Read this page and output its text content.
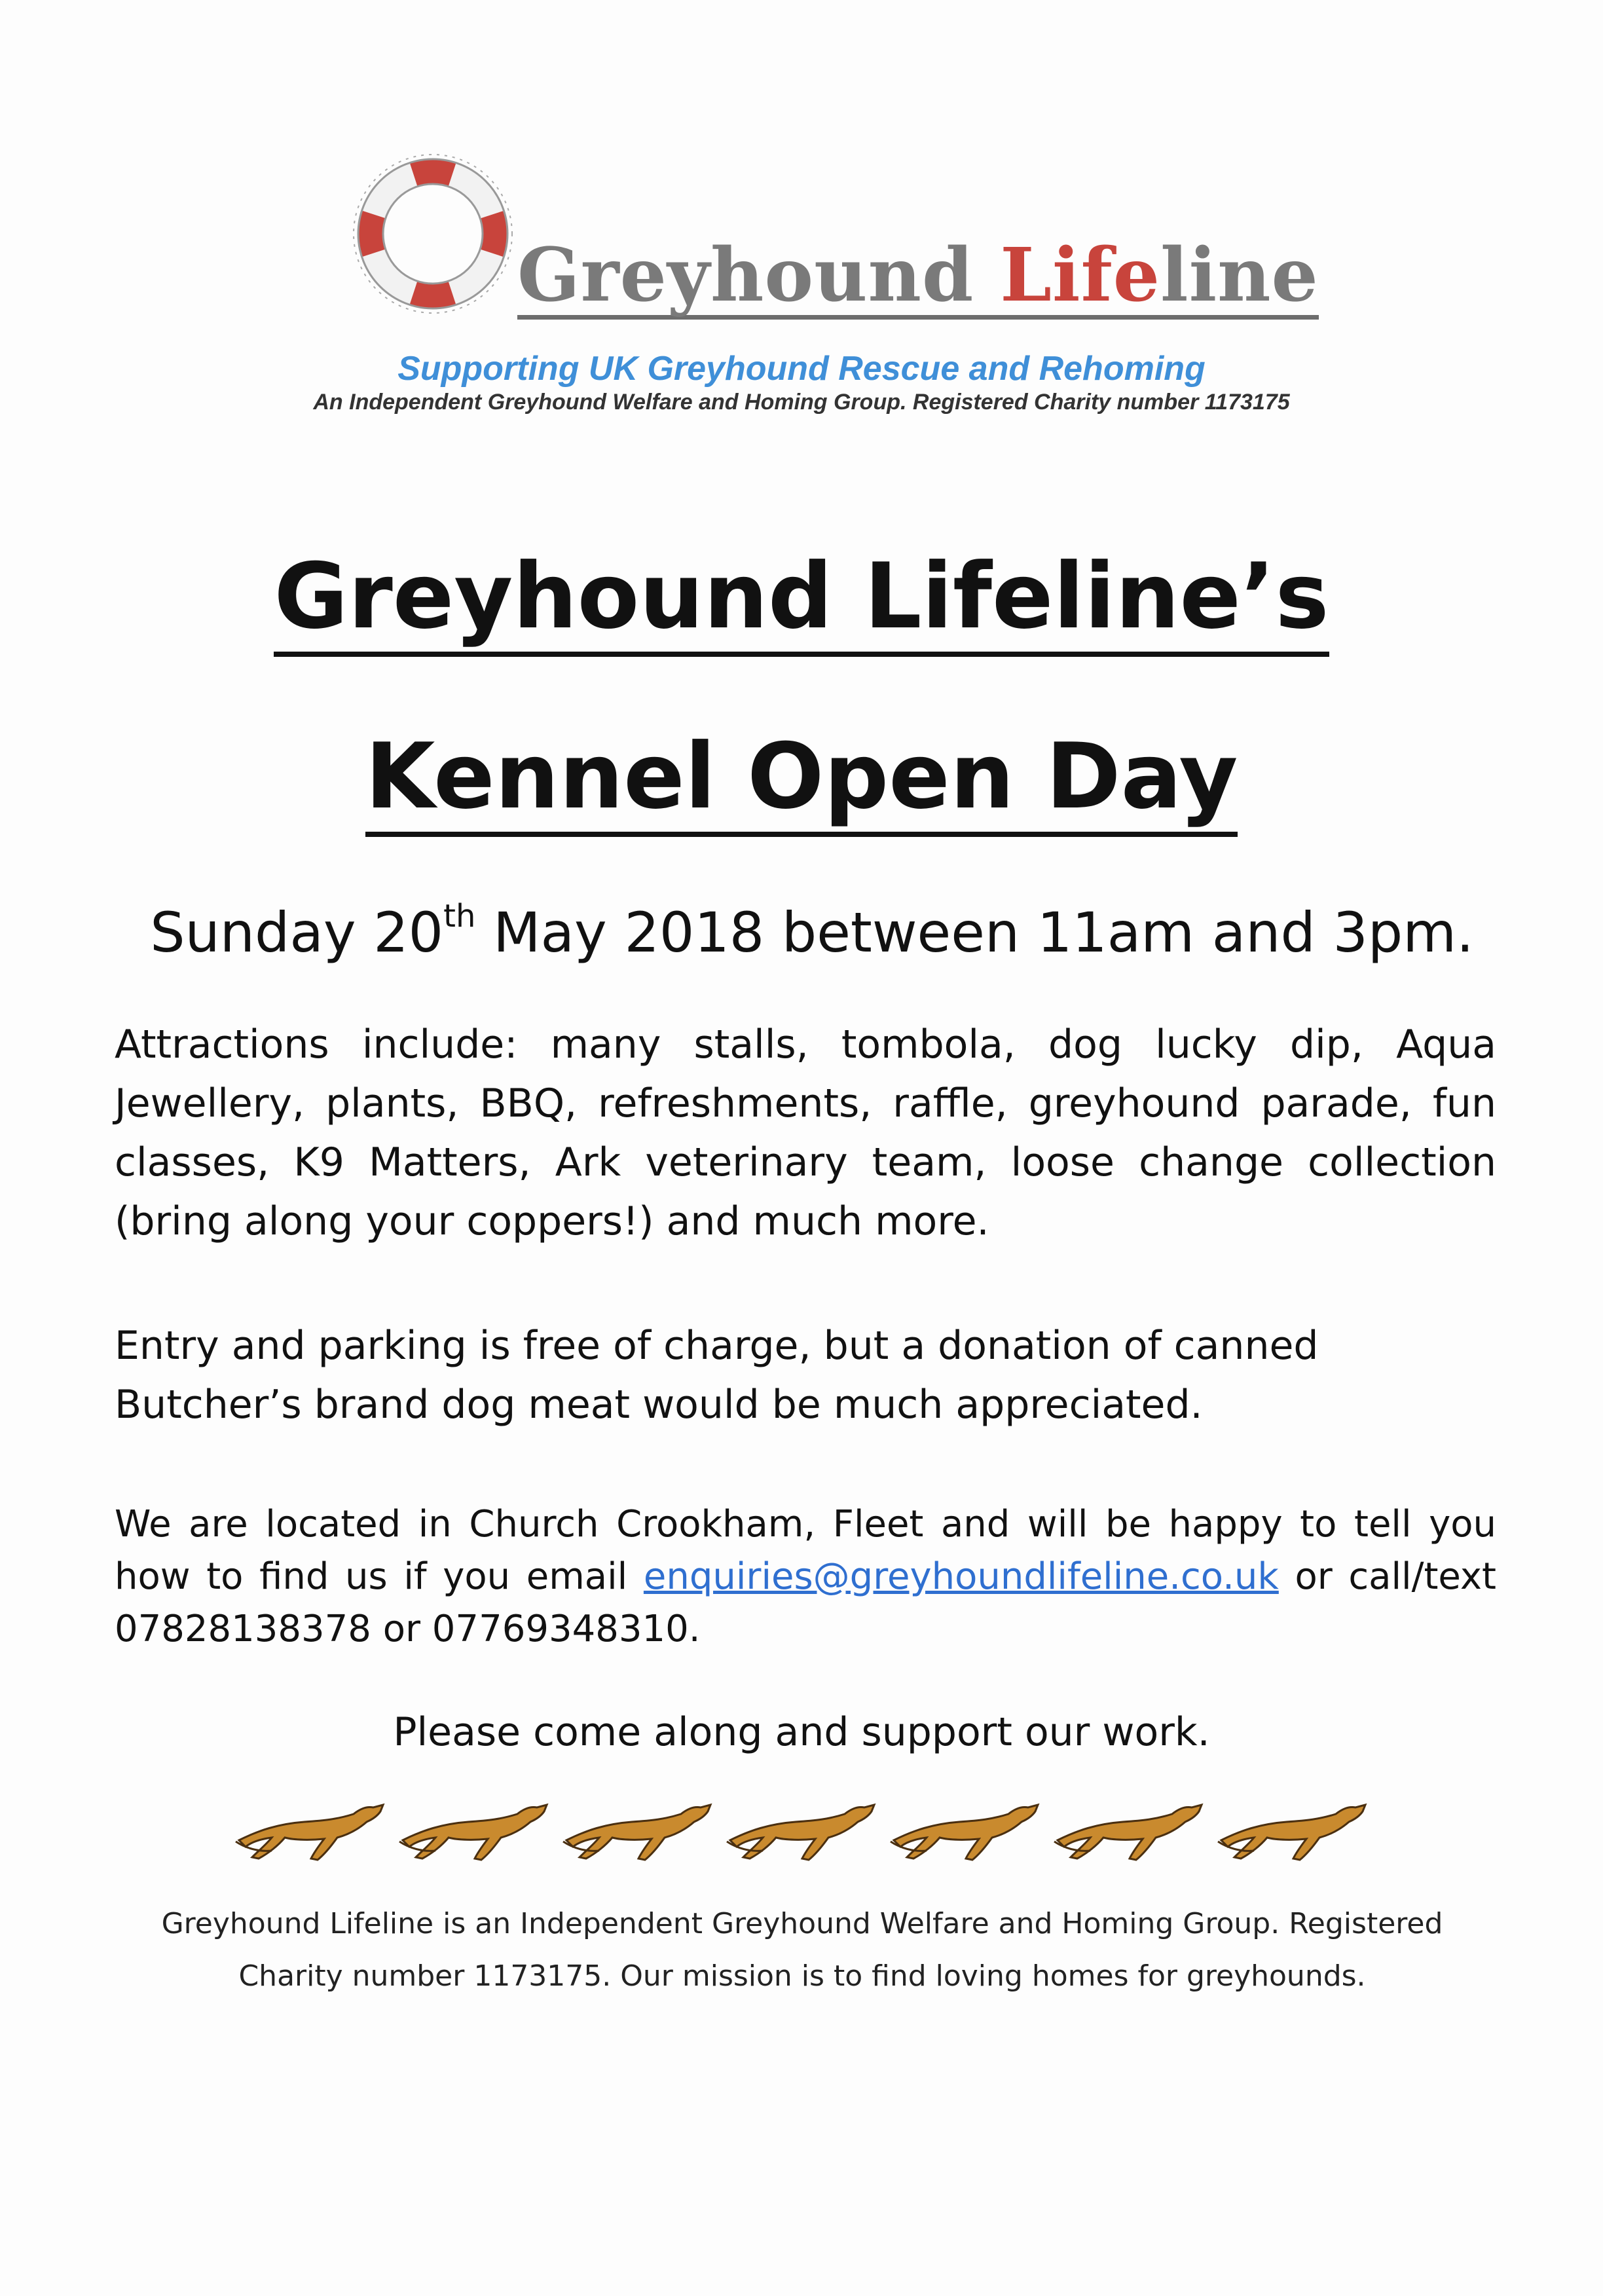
Greyhound Lifeline
Supporting UK Greyhound Rescue and Rehoming
An Independent Greyhound Welfare and Homing Group. Registered Charity number 1173175
Greyhound Lifeline’s
Kennel Open Day
Sunday 20th May 2018 between 11am and 3pm.
Attractions include: many stalls, tombola, dog lucky dip, Aqua Jewellery, plants, BBQ, refreshments, raffle, greyhound parade, fun classes, K9 Matters, Ark veterinary team, loose change collection (bring along your coppers!) and much more.
Entry and parking is free of charge, but a donation of canned Butcher’s brand dog meat would be much appreciated.
We are located in Church Crookham, Fleet and will be happy to tell you how to find us if you email enquiries@greyhoundlifeline.co.uk or call/text 07828138378 or 07769348310.
Please come along and support our work.
Greyhound Lifeline is an Independent Greyhound Welfare and Homing Group. Registered
Charity number 1173175. Our mission is to find loving homes for greyhounds.
